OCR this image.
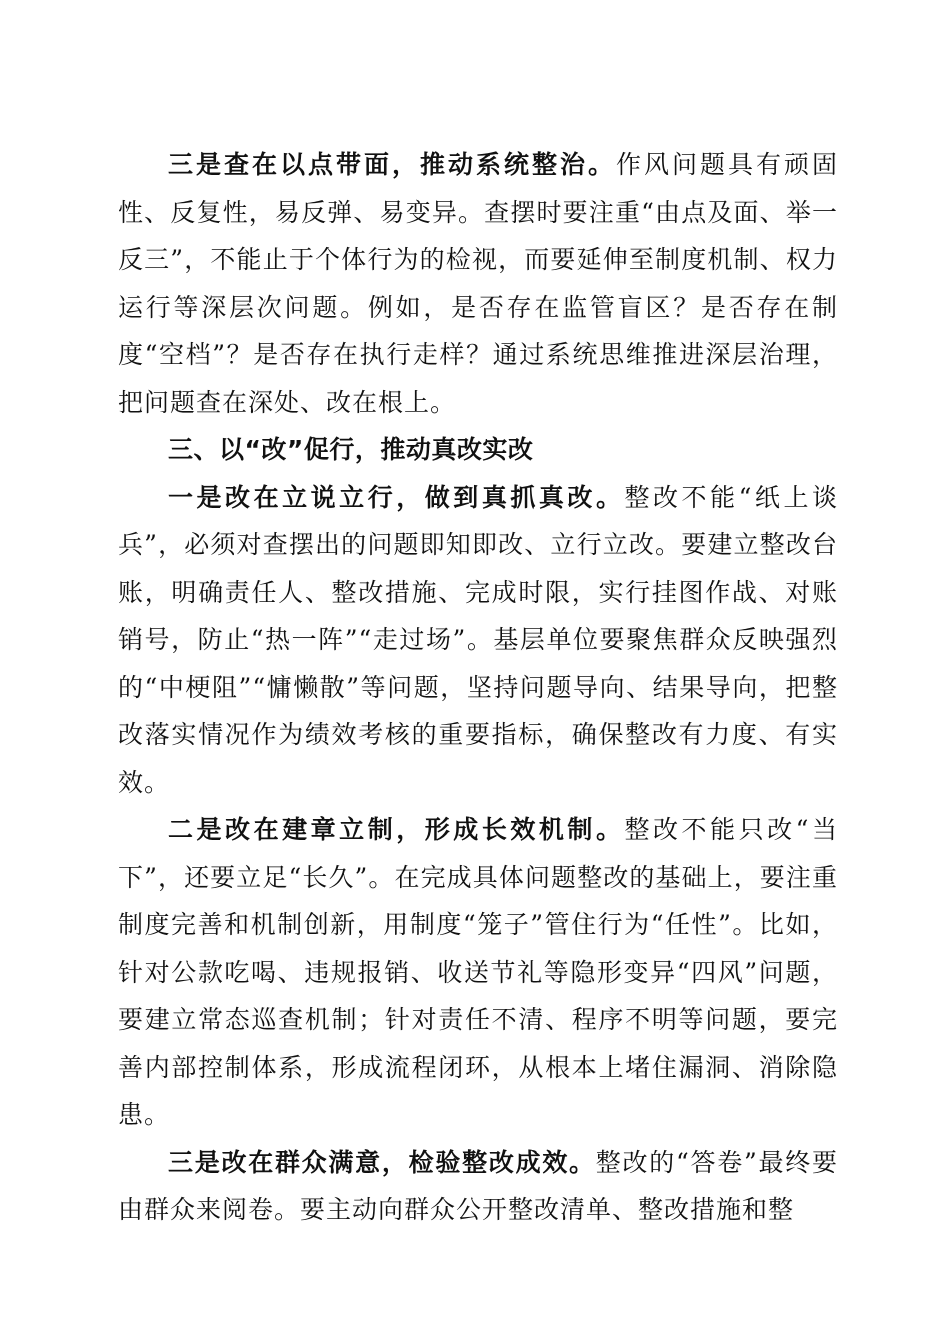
三是查在以点带面，推动系统整治。作风问题具有顽固性、反复性，易反弹、易变异。查摆时要注重“由点及面、举一反三”，不能止于个体行为的检视，而要延伸至制度机制、权力运行等深层次问题。例如，是否存在监管盲区？是否存在制度“空档”？是否存在执行走样？通过系统思维推进深层治理，把问题查在深处、改在根上。

三、以“改”促行，推动真改实改

一是改在立说立行，做到真抓真改。整改不能“纸上谈兵”，必须对查摆出的问题即知即改、立行立改。要建立整改台账，明确责任人、整改措施、完成时限，实行挂图作战、对账销号，防止“热一阵”“走过场”。基层单位要聚焦群众反映强烈的“中梗阻”“慵懒散”等问题，坚持问题导向、结果导向，把整改落实情况作为绩效考核的重要指标，确保整改有力度、有实效。

二是改在建章立制，形成长效机制。整改不能只改“当下”，还要立足“长久”。在完成具体问题整改的基础上，要注重制度完善和机制创新，用制度“笼子”管住行为“任性”。比如，针对公款吃喝、违规报销、收送节礼等隐形变异“四风”问题，要建立常态巡查机制；针对责任不清、程序不明等问题，要完善内部控制体系，形成流程闭环，从根本上堵住漏洞、消除隐患。

三是改在群众满意，检验整改成效。整改的“答卷”最终要由群众来阅卷。要主动向群众公开整改清单、整改措施和整
